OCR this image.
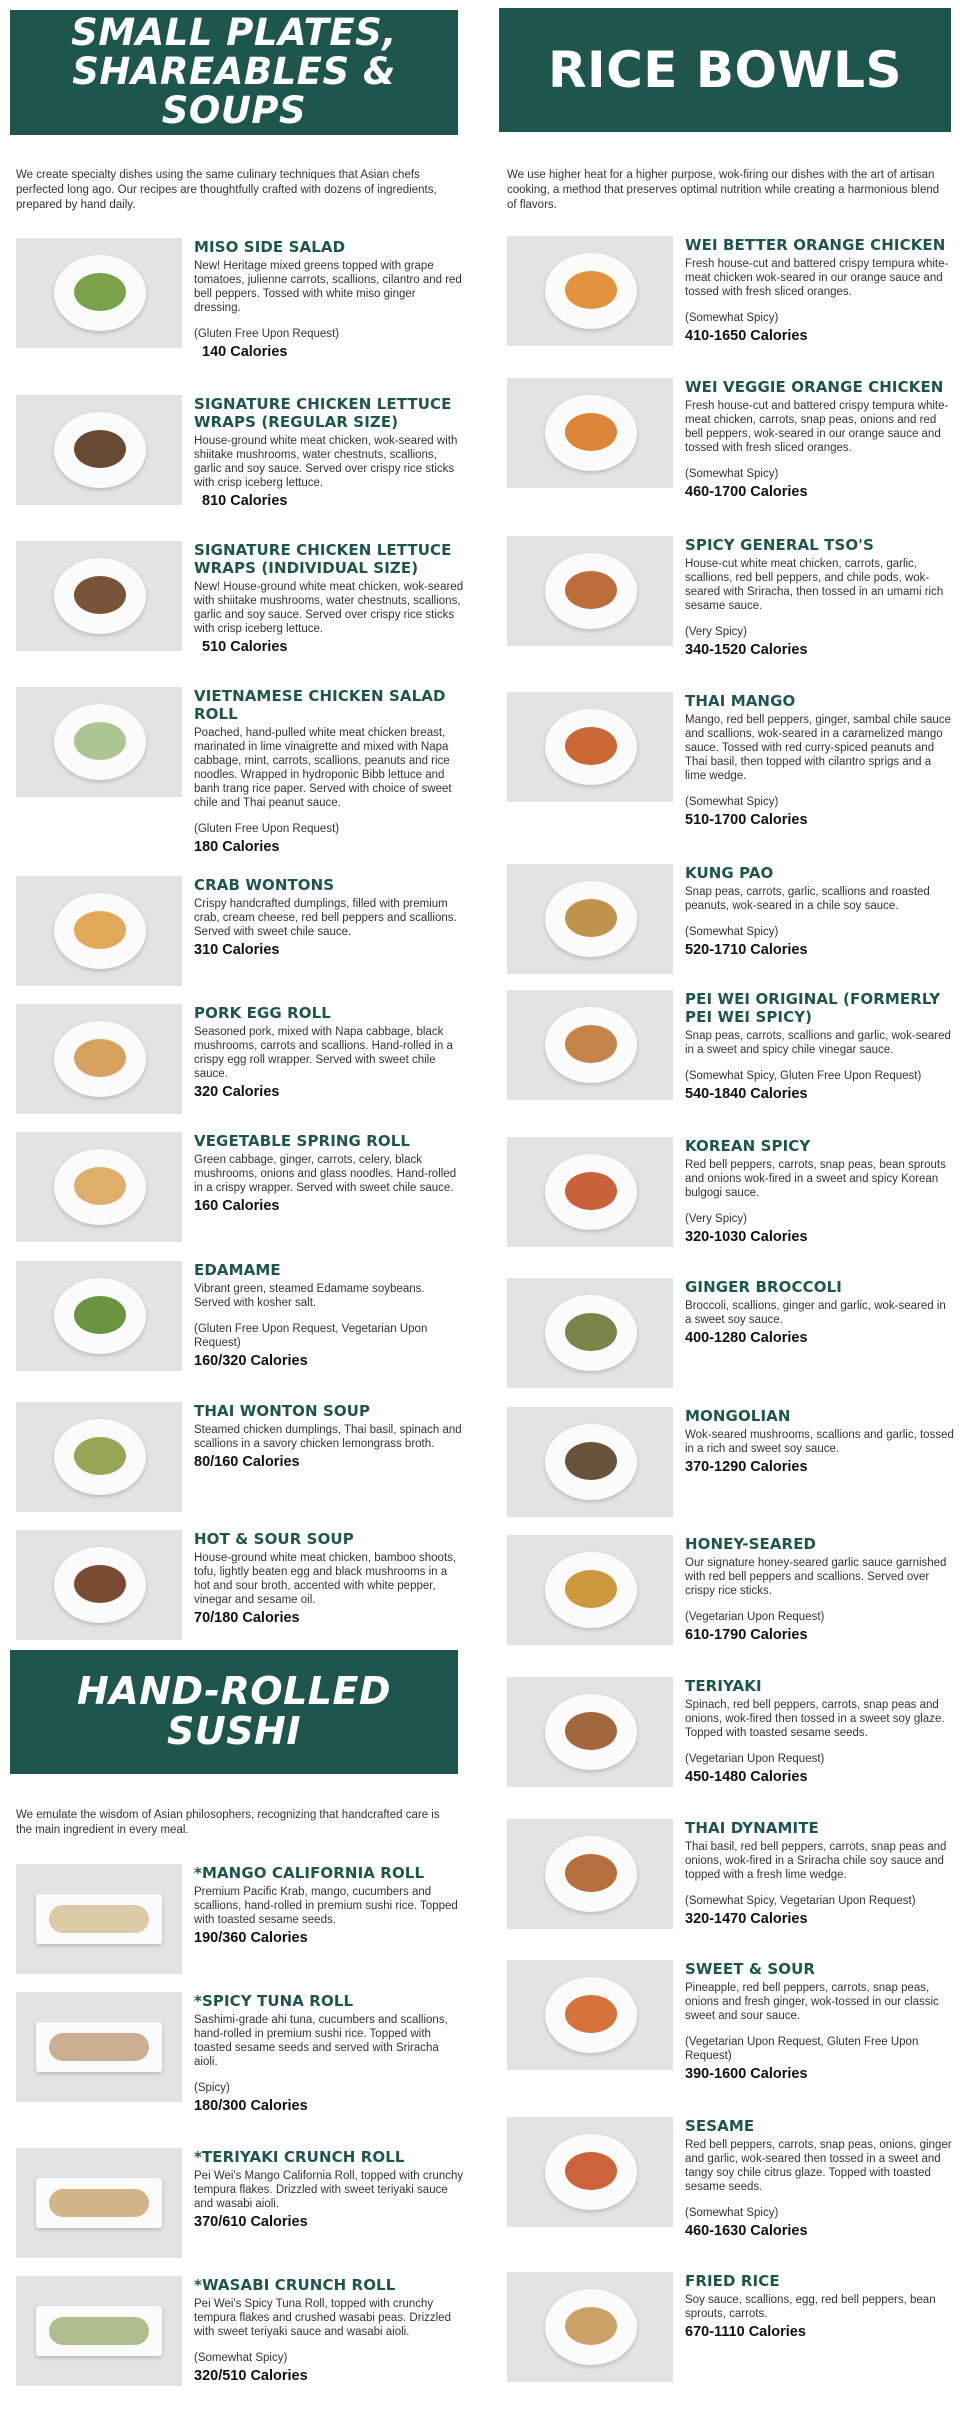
SMALL PLATES,
SHAREABLES & SOUPS
We create specialty dishes using the same culinary techniques that Asian chefs perfected long ago. Our recipes are thoughtfully crafted with dozens of ingredients, prepared by hand daily.
MISO SIDE SALAD
New! Heritage mixed greens topped with grape tomatoes, julienne carrots, scallions, cilantro and red bell peppers. Tossed with white miso ginger dressing.
(Gluten Free Upon Request)
140 Calories
SIGNATURE CHICKEN LETTUCE WRAPS (REGULAR SIZE)
House-ground white meat chicken, wok-seared with shiitake mushrooms, water chestnuts, scallions, garlic and soy sauce. Served over crispy rice sticks with crisp iceberg lettuce.
810 Calories
SIGNATURE CHICKEN LETTUCE WRAPS (INDIVIDUAL SIZE)
New! House-ground white meat chicken, wok-seared with shiitake mushrooms, water chestnuts, scallions, garlic and soy sauce. Served over crispy rice sticks with crisp iceberg lettuce.
510 Calories
VIETNAMESE CHICKEN SALAD ROLL
Poached, hand-pulled white meat chicken breast, marinated in lime vinaigrette and mixed with Napa cabbage, mint, carrots, scallions, peanuts and rice noodles. Wrapped in hydroponic Bibb lettuce and banh trang rice paper. Served with choice of sweet chile and Thai peanut sauce.
(Gluten Free Upon Request)
180 Calories
CRAB WONTONS
Crispy handcrafted dumplings, filled with premium crab, cream cheese, red bell peppers and scallions. Served with sweet chile sauce.
310 Calories
PORK EGG ROLL
Seasoned pork, mixed with Napa cabbage, black mushrooms, carrots and scallions. Hand-rolled in a crispy egg roll wrapper. Served with sweet chile sauce.
320 Calories
VEGETABLE SPRING ROLL
Green cabbage, ginger, carrots, celery, black mushrooms, onions and glass noodles. Hand-rolled in a crispy wrapper. Served with sweet chile sauce.
160 Calories
EDAMAME
Vibrant green, steamed Edamame soybeans. Served with kosher salt.
(Gluten Free Upon Request, Vegetarian Upon Request)
160/320 Calories
THAI WONTON SOUP
Steamed chicken dumplings, Thai basil, spinach and scallions in a savory chicken lemongrass broth.
80/160 Calories
HOT & SOUR SOUP
House-ground white meat chicken, bamboo shoots, tofu, lightly beaten egg and black mushrooms in a hot and sour broth, accented with white pepper, vinegar and sesame oil.
70/180 Calories
HAND-ROLLED SUSHI
We emulate the wisdom of Asian philosophers, recognizing that handcrafted care is the main ingredient in every meal.
*MANGO CALIFORNIA ROLL
Premium Pacific Krab, mango, cucumbers and scallions, hand-rolled in premium sushi rice. Topped with toasted sesame seeds.
190/360 Calories
*SPICY TUNA ROLL
Sashimi-grade ahi tuna, cucumbers and scallions, hand-rolled in premium sushi rice. Topped with toasted sesame seeds and served with Sriracha aioli.
(Spicy)
180/300 Calories
*TERIYAKI CRUNCH ROLL
Pei Wei's Mango California Roll, topped with crunchy tempura flakes. Drizzled with sweet teriyaki sauce and wasabi aioli.
370/610 Calories
*WASABI CRUNCH ROLL
Pei Wei's Spicy Tuna Roll, topped with crunchy tempura flakes and crushed wasabi peas. Drizzled with sweet teriyaki sauce and wasabi aioli.
(Somewhat Spicy)
320/510 Calories
RICE BOWLS
We use higher heat for a higher purpose, wok-firing our dishes with the art of artisan cooking, a method that preserves optimal nutrition while creating a harmonious blend of flavors.
WEI BETTER ORANGE CHICKEN
Fresh house-cut and battered crispy tempura white-meat chicken wok-seared in our orange sauce and tossed with fresh sliced oranges.
(Somewhat Spicy)
410-1650 Calories
WEI VEGGIE ORANGE CHICKEN
Fresh house-cut and battered crispy tempura white-meat chicken, carrots, snap peas, onions and red bell peppers, wok-seared in our orange sauce and tossed with fresh sliced oranges.
(Somewhat Spicy)
460-1700 Calories
SPICY GENERAL TSO'S
House-cut white meat chicken, carrots, garlic, scallions, red bell peppers, and chile pods, wok-seared with Sriracha, then tossed in an umami rich sesame sauce.
(Very Spicy)
340-1520 Calories
THAI MANGO
Mango, red bell peppers, ginger, sambal chile sauce and scallions, wok-seared in a caramelized mango sauce. Tossed with red curry-spiced peanuts and Thai basil, then topped with cilantro sprigs and a lime wedge.
(Somewhat Spicy)
510-1700 Calories
KUNG PAO
Snap peas, carrots, garlic, scallions and roasted peanuts, wok-seared in a chile soy sauce.
(Somewhat Spicy)
520-1710 Calories
PEI WEI ORIGINAL (FORMERLY PEI WEI SPICY)
Snap peas, carrots, scallions and garlic, wok-seared in a sweet and spicy chile vinegar sauce.
(Somewhat Spicy, Gluten Free Upon Request)
540-1840 Calories
KOREAN SPICY
Red bell peppers, carrots, snap peas, bean sprouts and onions wok-fired in a sweet and spicy Korean bulgogi sauce.
(Very Spicy)
320-1030 Calories
GINGER BROCCOLI
Broccoli, scallions, ginger and garlic, wok-seared in a sweet soy sauce.
400-1280 Calories
MONGOLIAN
Wok-seared mushrooms, scallions and garlic, tossed in a rich and sweet soy sauce.
370-1290 Calories
HONEY-SEARED
Our signature honey-seared garlic sauce garnished with red bell peppers and scallions. Served over crispy rice sticks.
(Vegetarian Upon Request)
610-1790 Calories
TERIYAKI
Spinach, red bell peppers, carrots, snap peas and onions, wok-fired then tossed in a sweet soy glaze. Topped with toasted sesame seeds.
(Vegetarian Upon Request)
450-1480 Calories
THAI DYNAMITE
Thai basil, red bell peppers, carrots, snap peas and onions, wok-fired in a Sriracha chile soy sauce and topped with a fresh lime wedge.
(Somewhat Spicy, Vegetarian Upon Request)
320-1470 Calories
SWEET & SOUR
Pineapple, red bell peppers, carrots, snap peas, onions and fresh ginger, wok-tossed in our classic sweet and sour sauce.
(Vegetarian Upon Request, Gluten Free Upon Request)
390-1600 Calories
SESAME
Red bell peppers, carrots, snap peas, onions, ginger and garlic, wok-seared then tossed in a sweet and tangy soy chile citrus glaze. Topped with toasted sesame seeds.
(Somewhat Spicy)
460-1630 Calories
FRIED RICE
Soy sauce, scallions, egg, red bell peppers, bean sprouts, carrots.
670-1110 Calories
